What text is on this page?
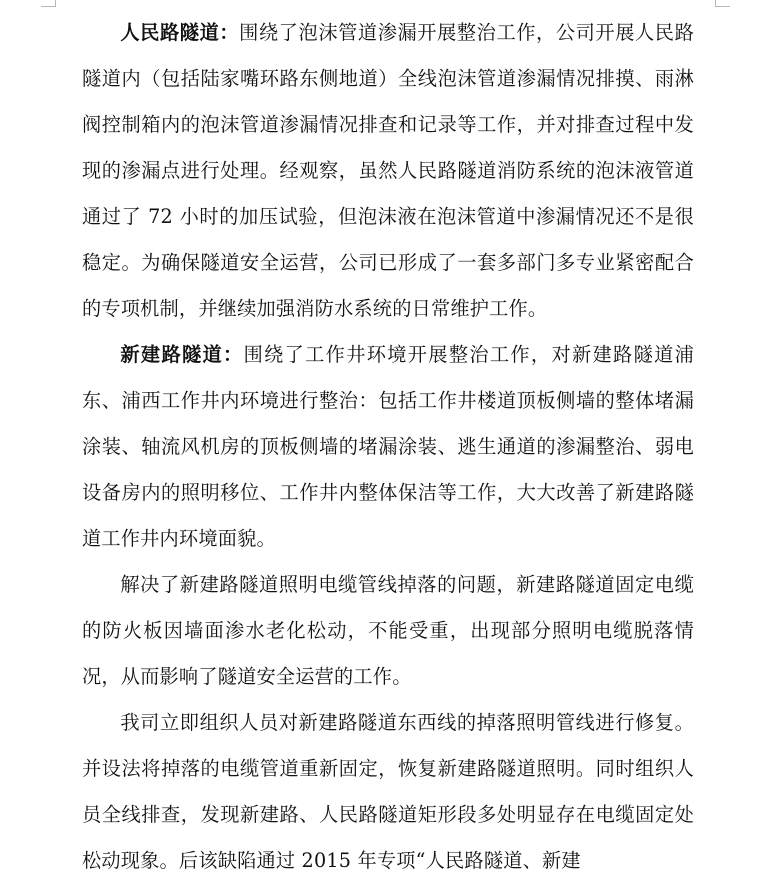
人民路隧道：围绕了泡沫管道渗漏开展整治工作，公司开展人民路隧道内（包括陆家嘴环路东侧地道）全线泡沫管道渗漏情况排摸、雨淋阀控制箱内的泡沫管道渗漏情况排查和记录等工作，并对排查过程中发现的渗漏点进行处理。经观察，虽然人民路隧道消防系统的泡沫液管道通过了 72 小时的加压试验，但泡沫液在泡沫管道中渗漏情况还不是很稳定。为确保隧道安全运营，公司已形成了一套多部门多专业紧密配合的专项机制，并继续加强消防水系统的日常维护工作。

新建路隧道：围绕了工作井环境开展整治工作，对新建路隧道浦东、浦西工作井内环境进行整治：包括工作井楼道顶板侧墙的整体堵漏涂装、轴流风机房的顶板侧墙的堵漏涂装、逃生通道的渗漏整治、弱电设备房内的照明移位、工作井内整体保洁等工作，大大改善了新建路隧道工作井内环境面貌。

解决了新建路隧道照明电缆管线掉落的问题，新建路隧道固定电缆的防火板因墙面渗水老化松动，不能受重，出现部分照明电缆脱落情况，从而影响了隧道安全运营的工作。

我司立即组织人员对新建路隧道东西线的掉落照明管线进行修复。并设法将掉落的电缆管道重新固定，恢复新建路隧道照明。同时组织人员全线排查，发现新建路、人民路隧道矩形段多处明显存在电缆固定处松动现象。后该缺陷通过 2015 年专项“人民路隧道、新建
